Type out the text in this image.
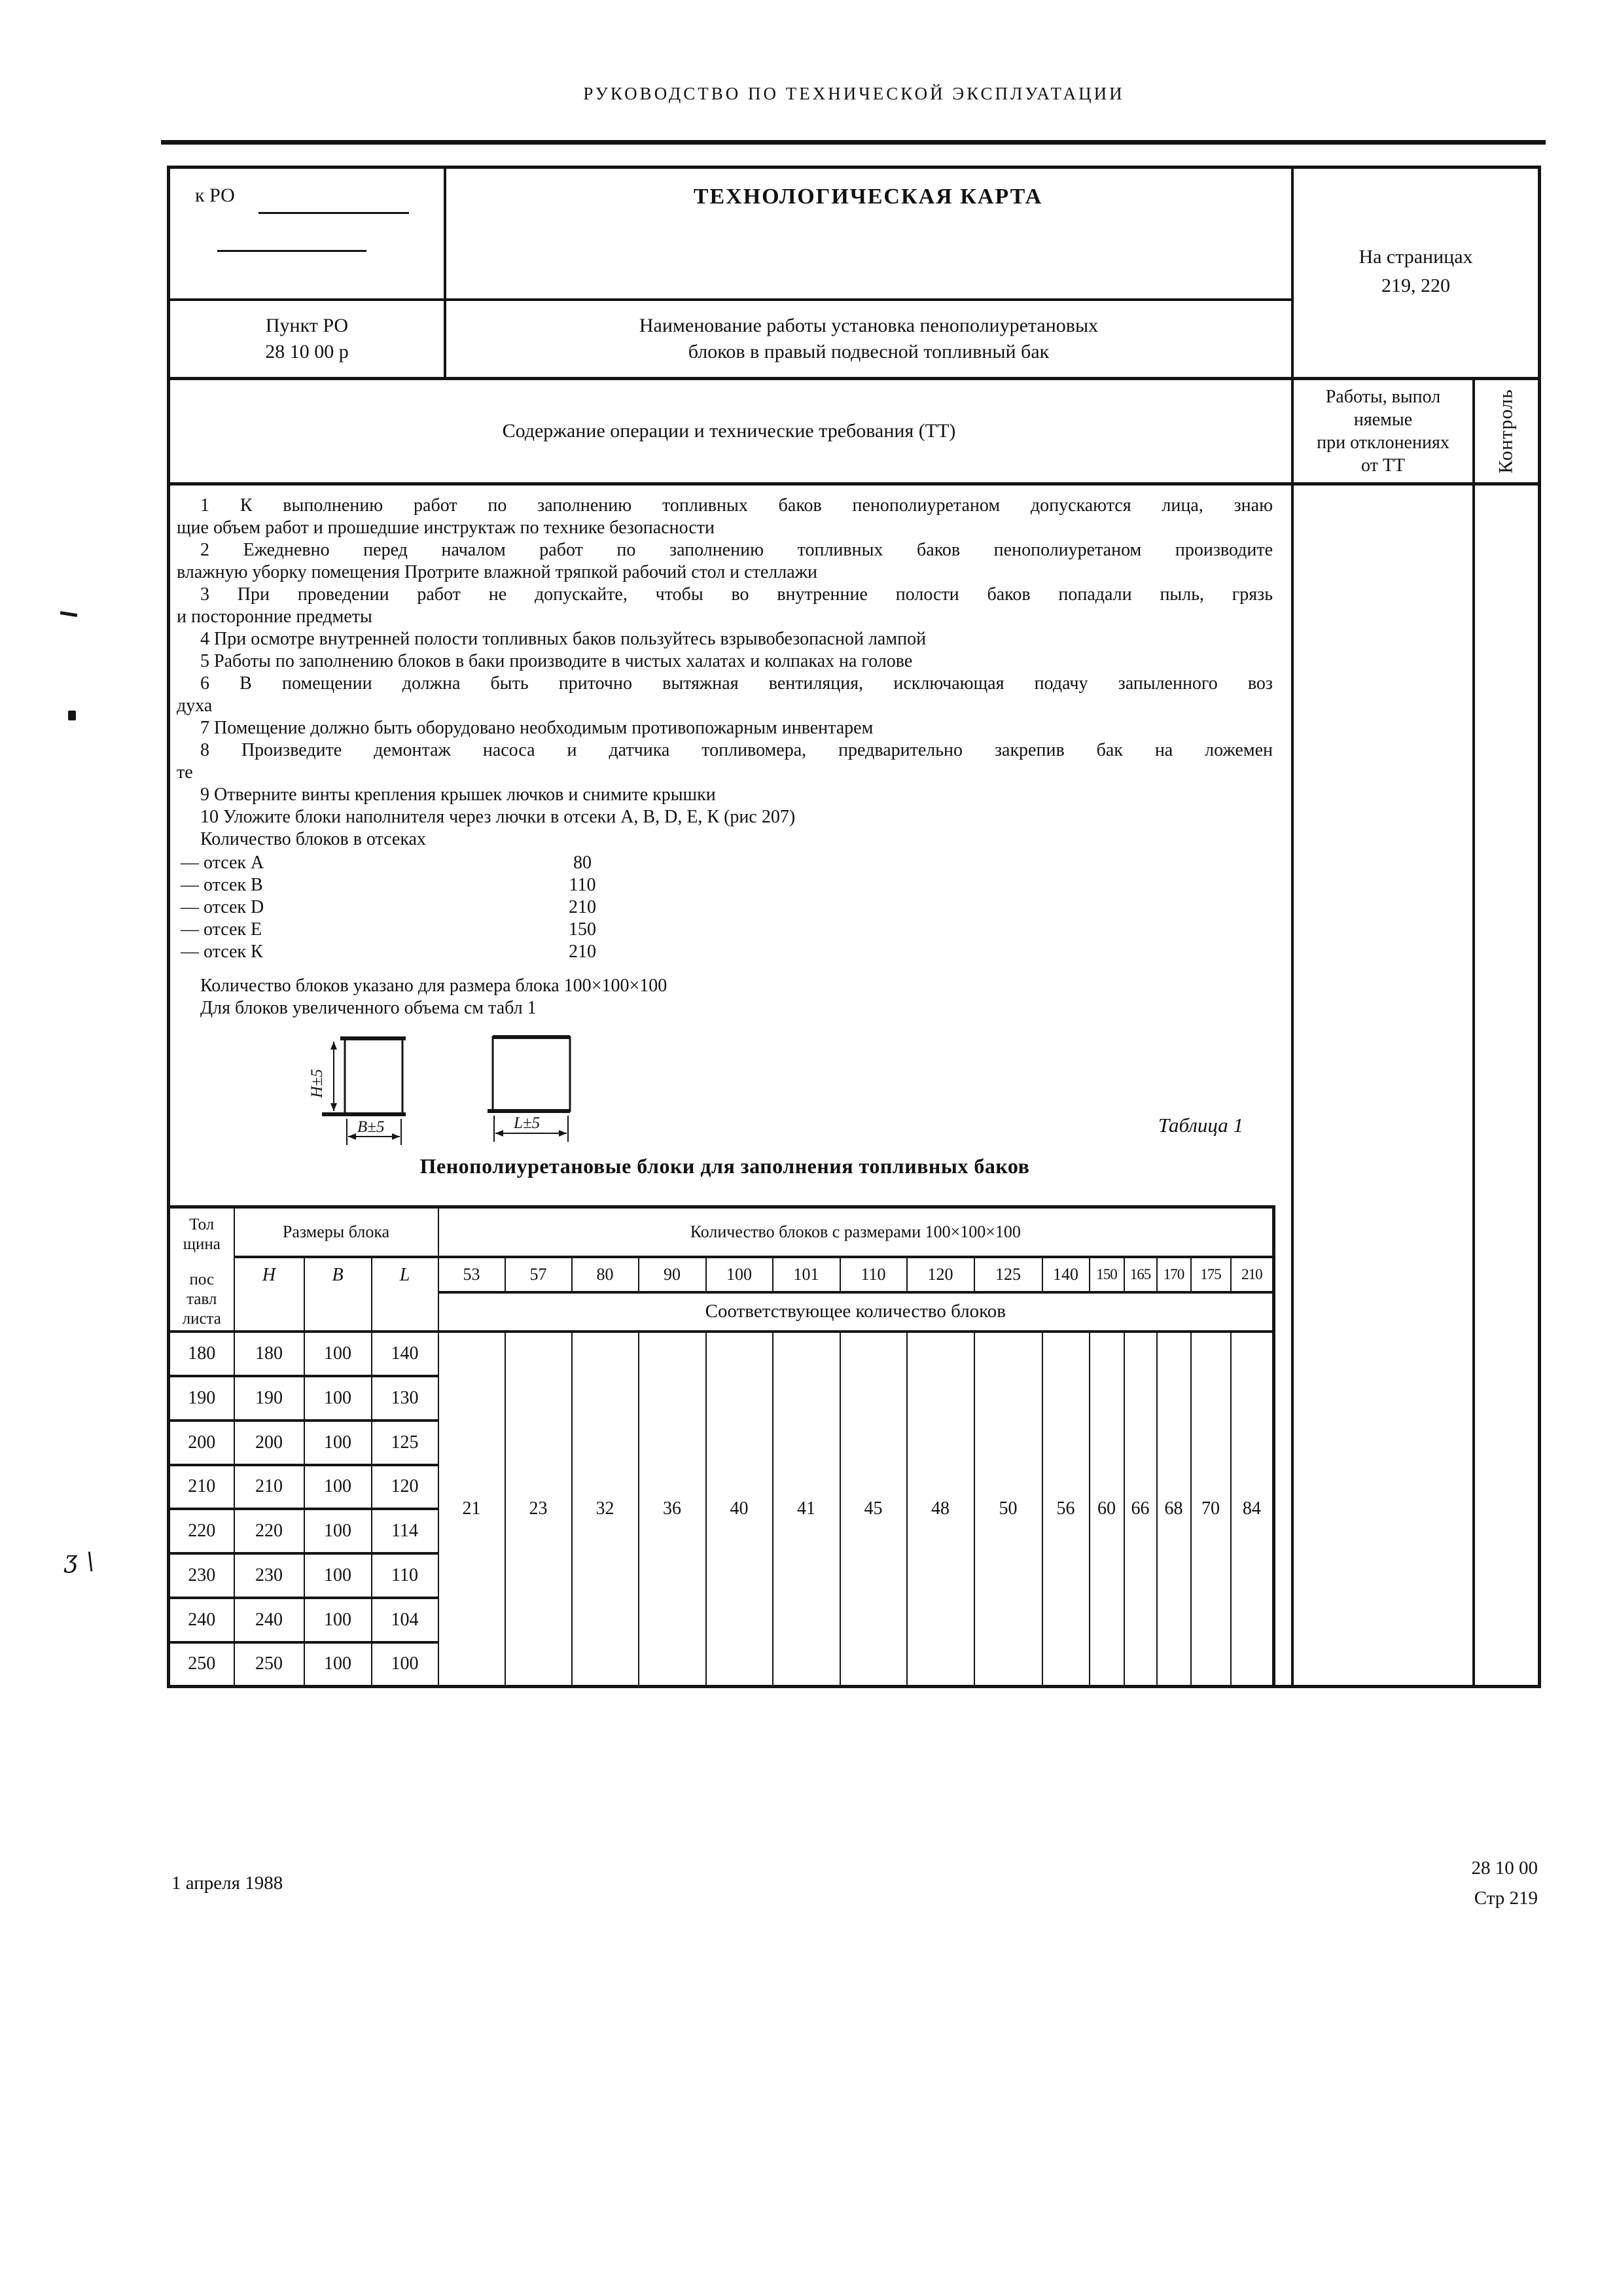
РУКОВОДСТВО ПО ТЕХНИЧЕСКОЙ ЭКСПЛУАТАЦИИ
к РО	ТЕХНОЛОГИЧЕСКАЯ КАРТА
На страницах
219, 220
Пункт РО
28 10 00 р
Наименование работы установка пенополиуретановых
блоков в правый подвесной топливный бак
Содержание операции и технические требования (ТТ)
Работы, выпол
няемые
при отклонениях
от ТТ	Контроль
1 К выполнению работ по заполнению топливных баков пенополиуретаном допускаются лица, знаю
щие объем работ и прошедшие инструктаж по технике безопасности
2 Ежедневно перед началом работ по заполнению топливных баков пенополиуретаном производите
влажную уборку помещения Протрите влажной тряпкой рабочий стол и стеллажи
3 При проведении работ не допускайте, чтобы во внутренние полости баков попадали пыль, грязь
и посторонние предметы
4 При осмотре внутренней полости топливных баков пользуйтесь взрывобезопасной лампой
5 Работы по заполнению блоков в баки производите в чистых халатах и колпаках на голове
6 В помещении должна быть приточно вытяжная вентиляция, исключающая подачу запыленного воз
духа
7 Помещение должно быть оборудовано необходимым противопожарным инвентарем
8 Произведите демонтаж насоса и датчика топливомера, предварительно закрепив бак на ложемен
те
9 Отверните винты крепления крышек лючков и снимите крышки
10 Уложите блоки наполнителя через лючки в отсеки А, В, D, Е, К (рис 207)
Количество блоков в отсеках
— отсек А	80
— отсек В	110
— отсек D	210
— отсек Е	150
— отсек К	210
Количество блоков указано для размера блока 100×100×100
Для блоков увеличенного объема см табл 1
H±5
В±5	L±5	Таблица 1
Пенополиуретановые блоки для заполнения топливных баков
Тол
щина
пос
тавл
листа	Размеры блока			Количество блоков с размерами 100×100×100														
	H	В	L	53	57	80	90	100	101	110	120	125	140	150	165	170	175	210
				Соответствующее количество блоков														
180	180	100	140	21	23	32	36	40	41	45	48	50	56	60	66	68	70	84
190	190	100	130															
200	200	100	125															
210	210	100	120															
220	220	100	114															
230	230	100	110															
240	240	100	104															
250	250	100	100															
ʒ \
1 апреля 1988
28 10 00
Стр 219
